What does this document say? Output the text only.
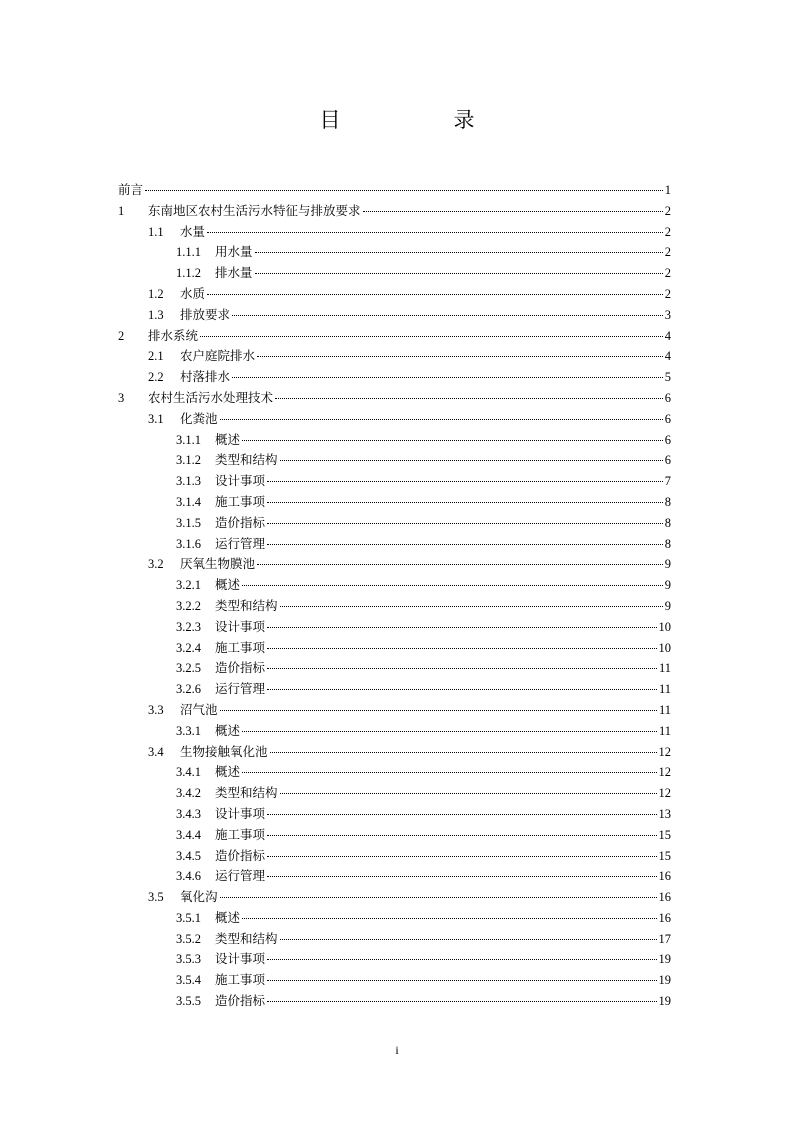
目　录
前言	1
1	东南地区农村生活污水特征与排放要求	2
1.1	水量	2
1.1.1	用水量	2
1.1.2	排水量	2
1.2	水质	2
1.3	排放要求	3
2	排水系统	4
2.1	农户庭院排水	4
2.2	村落排水	5
3	农村生活污水处理技术	6
3.1	化粪池	6
3.1.1	概述	6
3.1.2	类型和结构	6
3.1.3	设计事项	7
3.1.4	施工事项	8
3.1.5	造价指标	8
3.1.6	运行管理	8
3.2	厌氧生物膜池	9
3.2.1	概述	9
3.2.2	类型和结构	9
3.2.3	设计事项	10
3.2.4	施工事项	10
3.2.5	造价指标	11
3.2.6	运行管理	11
3.3	沼气池	11
3.3.1	概述	11
3.4	生物接触氧化池	12
3.4.1	概述	12
3.4.2	类型和结构	12
3.4.3	设计事项	13
3.4.4	施工事项	15
3.4.5	造价指标	15
3.4.6	运行管理	16
3.5	氧化沟	16
3.5.1	概述	16
3.5.2	类型和结构	17
3.5.3	设计事项	19
3.5.4	施工事项	19
3.5.5	造价指标	19
i
